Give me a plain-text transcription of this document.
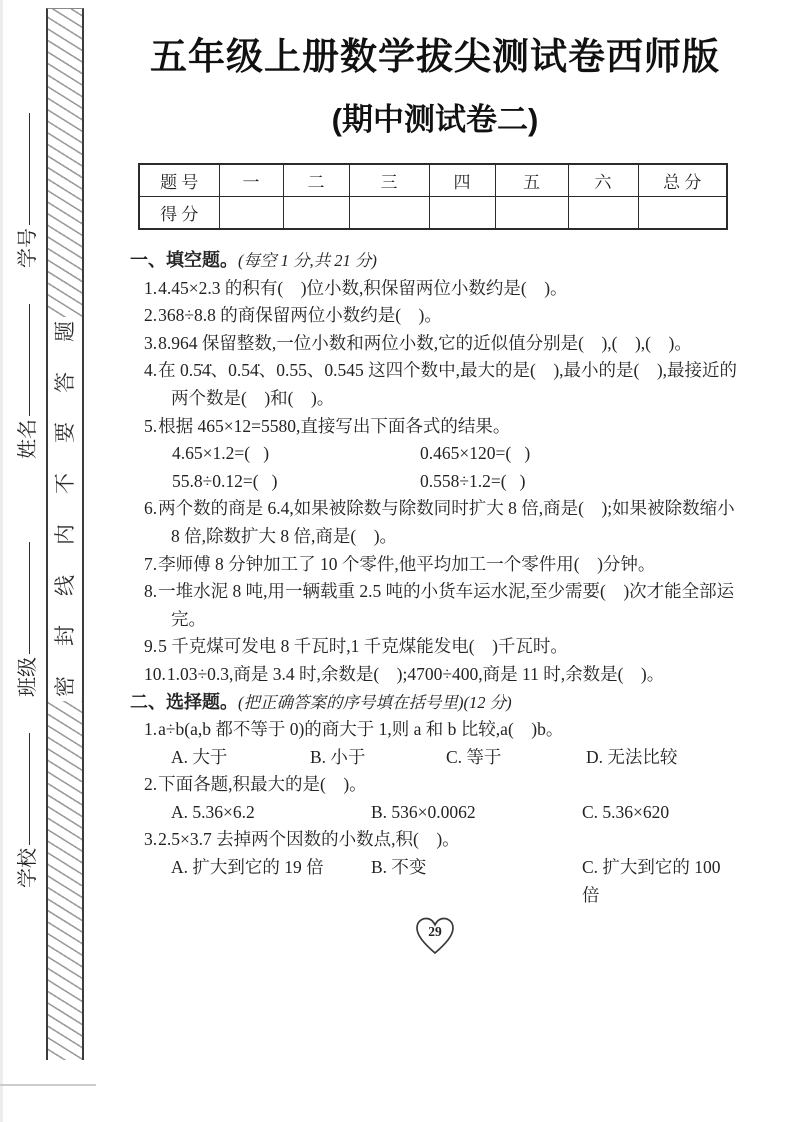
题
答
要
不
内
线
封
密
学号
姓名
班级
学校
五年级上册数学拔尖测试卷西师版
(期中测试卷二)
题 号	一	二	三	四	五	六	总 分
得 分							
一、填空题。(每空 1 分,共 21 分)
1.4.45×2.3 的积有(    )位小数,积保留两位小数约是(    )。
2.368÷8.8 的商保留两位小数约是(    )。
3.8.964 保留整数,一位小数和两位小数,它的近似值分别是(    ),(    ),(    )。
4.在 0.5̇4̇、0.54̇、0.55、0.545 这四个数中,最大的是(    ),最小的是(    ),最接近的两个数是(    )和(    )。
5.根据 465×12=5580,直接写出下面各式的结果。
4.65×1.2=(   )	0.465×120=(   )
55.8÷0.12=(   )	0.558÷1.2=(   )
6.两个数的商是 6.4,如果被除数与除数同时扩大 8 倍,商是(    );如果被除数缩小 8 倍,除数扩大 8 倍,商是(    )。
7.李师傅 8 分钟加工了 10 个零件,他平均加工一个零件用(    )分钟。
8.一堆水泥 8 吨,用一辆载重 2.5 吨的小货车运水泥,至少需要(    )次才能全部运完。
9.5 千克煤可发电 8 千瓦时,1 千克煤能发电(    )千瓦时。
10.1.03÷0.3,商是 3.4 时,余数是(    );4700÷400,商是 11 时,余数是(    )。
二、选择题。(把正确答案的序号填在括号里)(12 分)
1.a÷b(a,b 都不等于 0)的商大于 1,则 a 和 b 比较,a(    )b。
A. 大于	B. 小于	C. 等于	D. 无法比较
2.下面各题,积最大的是(    )。
A. 5.36×6.2	B. 536×0.0062	C. 5.36×620
3.2.5×3.7 去掉两个因数的小数点,积(    )。
A. 扩大到它的 19 倍	B. 不变	C. 扩大到它的 100 倍
29
